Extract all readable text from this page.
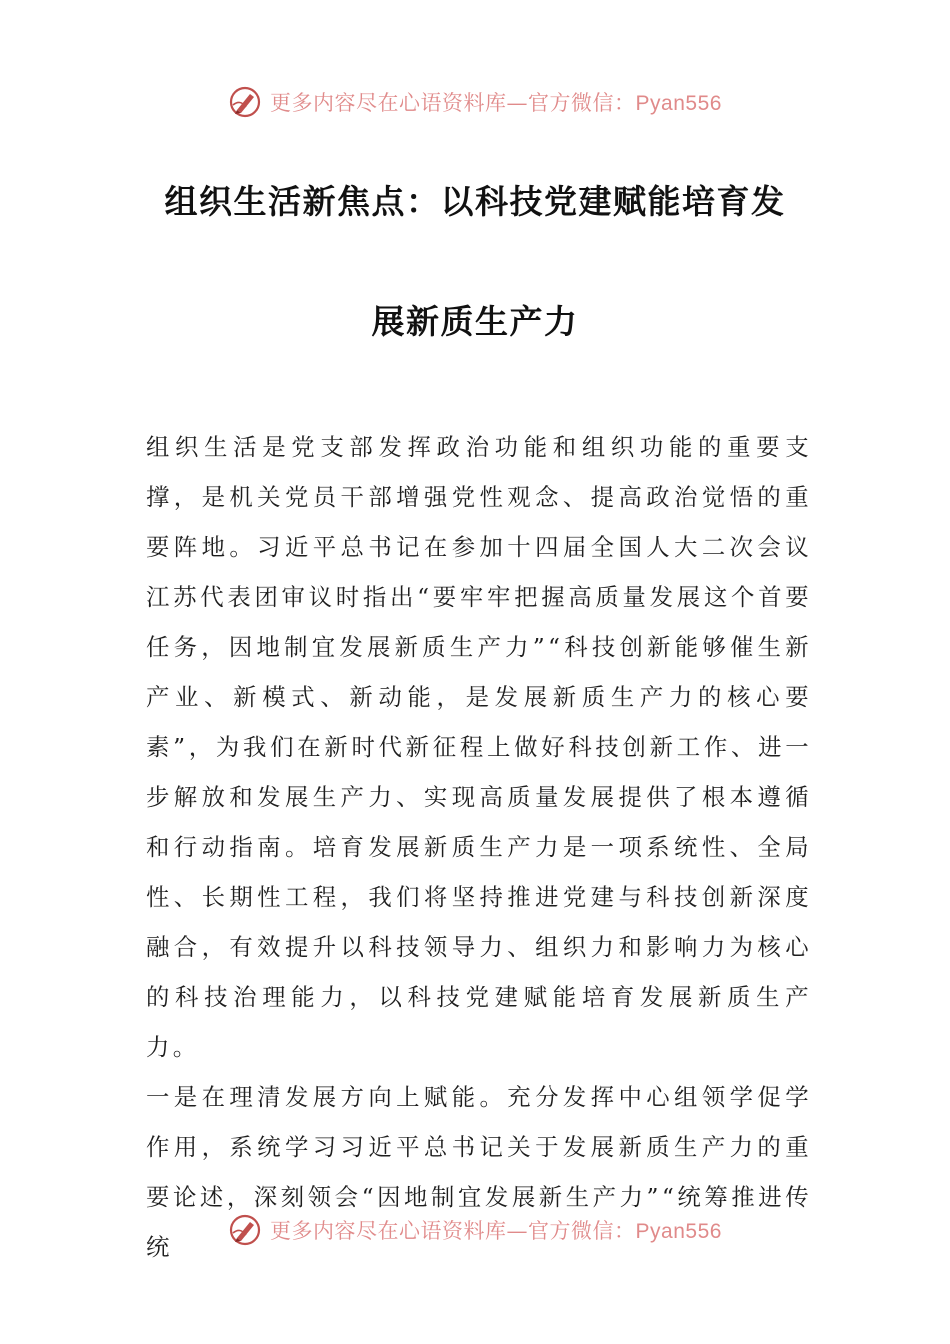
更多内容尽在心语资料库—官方微信：Pyan556
组织生活新焦点：以科技党建赋能培育发
展新质生产力

组织生活是党支部发挥政治功能和组织功能的重要支撑，是机关党员干部增强党性观念、提高政治觉悟的重要阵地。习近平总书记在参加十四届全国人大二次会议江苏代表团审议时指出“要牢牢把握高质量发展这个首要任务，因地制宜发展新质生产力”“科技创新能够催生新产业、新模式、新动能，是发展新质生产力的核心要素”，为我们在新时代新征程上做好科技创新工作、进一步解放和发展生产力、实现高质量发展提供了根本遵循和行动指南。培育发展新质生产力是一项系统性、全局性、长期性工程，我们将坚持推进党建与科技创新深度融合，有效提升以科技领导力、组织力和影响力为核心的科技治理能力，以科技党建赋能培育发展新质生产力。

一是在理清发展方向上赋能。充分发挥中心组领学促学作用，系统学习习近平总书记关于发展新质生产力的重要论述，深刻领会“因地制宜发展新生产力”“统筹推进传统

更多内容尽在心语资料库—官方微信：Pyan556
